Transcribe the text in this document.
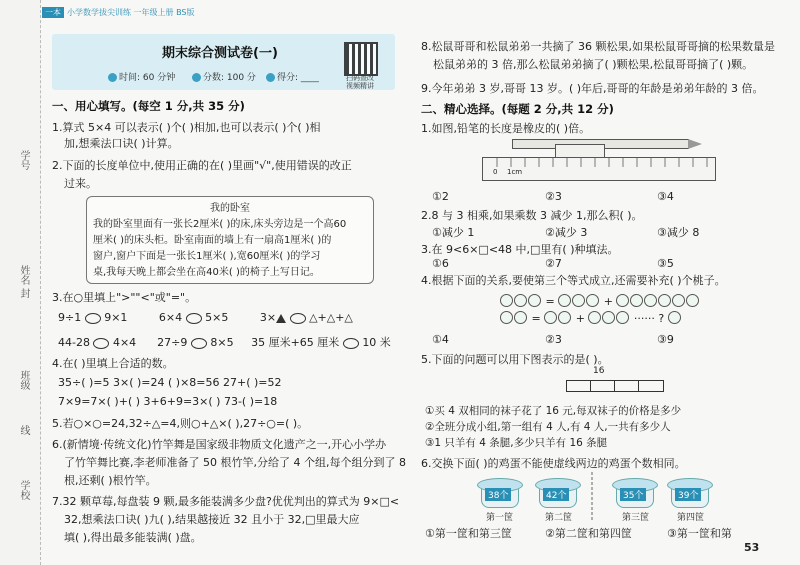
学号
姓名
封
班级
线
学校
一本 小学数学拔尖训练 一年级上册 BS版
期末综合测试卷(一)
时间: 60 分钟	分数: 100 分	得分: ____	扫码查改
视频精讲
一、用心填写。(每空 1 分,共 35 分)
1.算式 5×4 可以表示( )个( )相加,也可以表示( )个( )相
加,想乘法口诀( )计算。
2.下面的长度单位中,使用正确的在( )里画"√",使用错误的改正
过来。
我的卧室
我的卧室里面有一张长2厘米( )的床,床头旁边是一个高60
厘米( )的床头柜。卧室南面的墙上有一扇高1厘米( )的
窗户,窗户下面是一张长1厘米( ),宽60厘米( )的学习
桌,我每天晚上都会坐在高40米( )的椅子上写日记。
3.在○里填上">""<"或"="。
9÷1 9×1	6×4 5×5	3×	△+△+△
44-28 4×4 27÷9 8×5 35 厘米+65 厘米 10 米
4.在( )里填上合适的数。
35÷( )=5 3×( )=24 ( )×8=56 27+( )=52
7×9=7×( )+( ) 3+6+9=3×( ) 73-( )=18
5.若○×○=24,32÷△=4,则○+△×( ),27÷○=( )。
6.(新情境·传统文化)竹竿舞是国家级非物质文化遗产之一,开心小学办
了竹竿舞比赛,李老师准备了 50 根竹竿,分给了 4 个组,每个组分到了 8
根,还剩( )根竹竿。
7.32 颗草莓,每盘装 9 颗,最多能装满多少盘?优优判出的算式为 9×□<
32,想乘法口诀( )九( ),结果越接近 32 且小于 32,□里最大应
填( ),得出最多能装满( )盘。
8.松鼠哥哥和松鼠弟弟一共摘了 36 颗松果,如果松鼠哥哥摘的松果数量是
松鼠弟弟的 3 倍,那么松鼠弟弟摘了( )颗松果,松鼠哥哥摘了( )颗。
9.今年弟弟 3 岁,哥哥 13 岁。( )年后,哥哥的年龄是弟弟年龄的 3 倍。
二、精心选择。(每题 2 分,共 12 分)
1.如图,铅笔的长度是橡皮的( )倍。
0 1cm
①2	②3	③4
2.8 与 3 相乘,如果乘数 3 减少 1,那么积( )。
①减少 1	②减少 3	③减少 8
3.在 9<6×□<48 中,□里有( )种填法。
①6	②7	③5
4.根据下面的关系,要使第三个等式成立,还需要补充( )个桃子。
=	+
=	+	······ ?
①4	②3	③9
5.下面的问题可以用下图表示的是( )。
16
①买 4 双相同的袜子花了 16 元,每双袜子的价格是多少
②全班分成小组,第一组有 4 人,有 4 人,一共有多少人
③1 只羊有 4 条腿,多少只羊有 16 条腿
6.交换下面( )的鸡蛋不能使虚线两边的鸡蛋个数相同。
38个	42个	35个	39个
第一筐	第二筐	第三筐	第四筐
①第一筐和第三筐	②第二筐和第四筐	③第一筐和第
53
